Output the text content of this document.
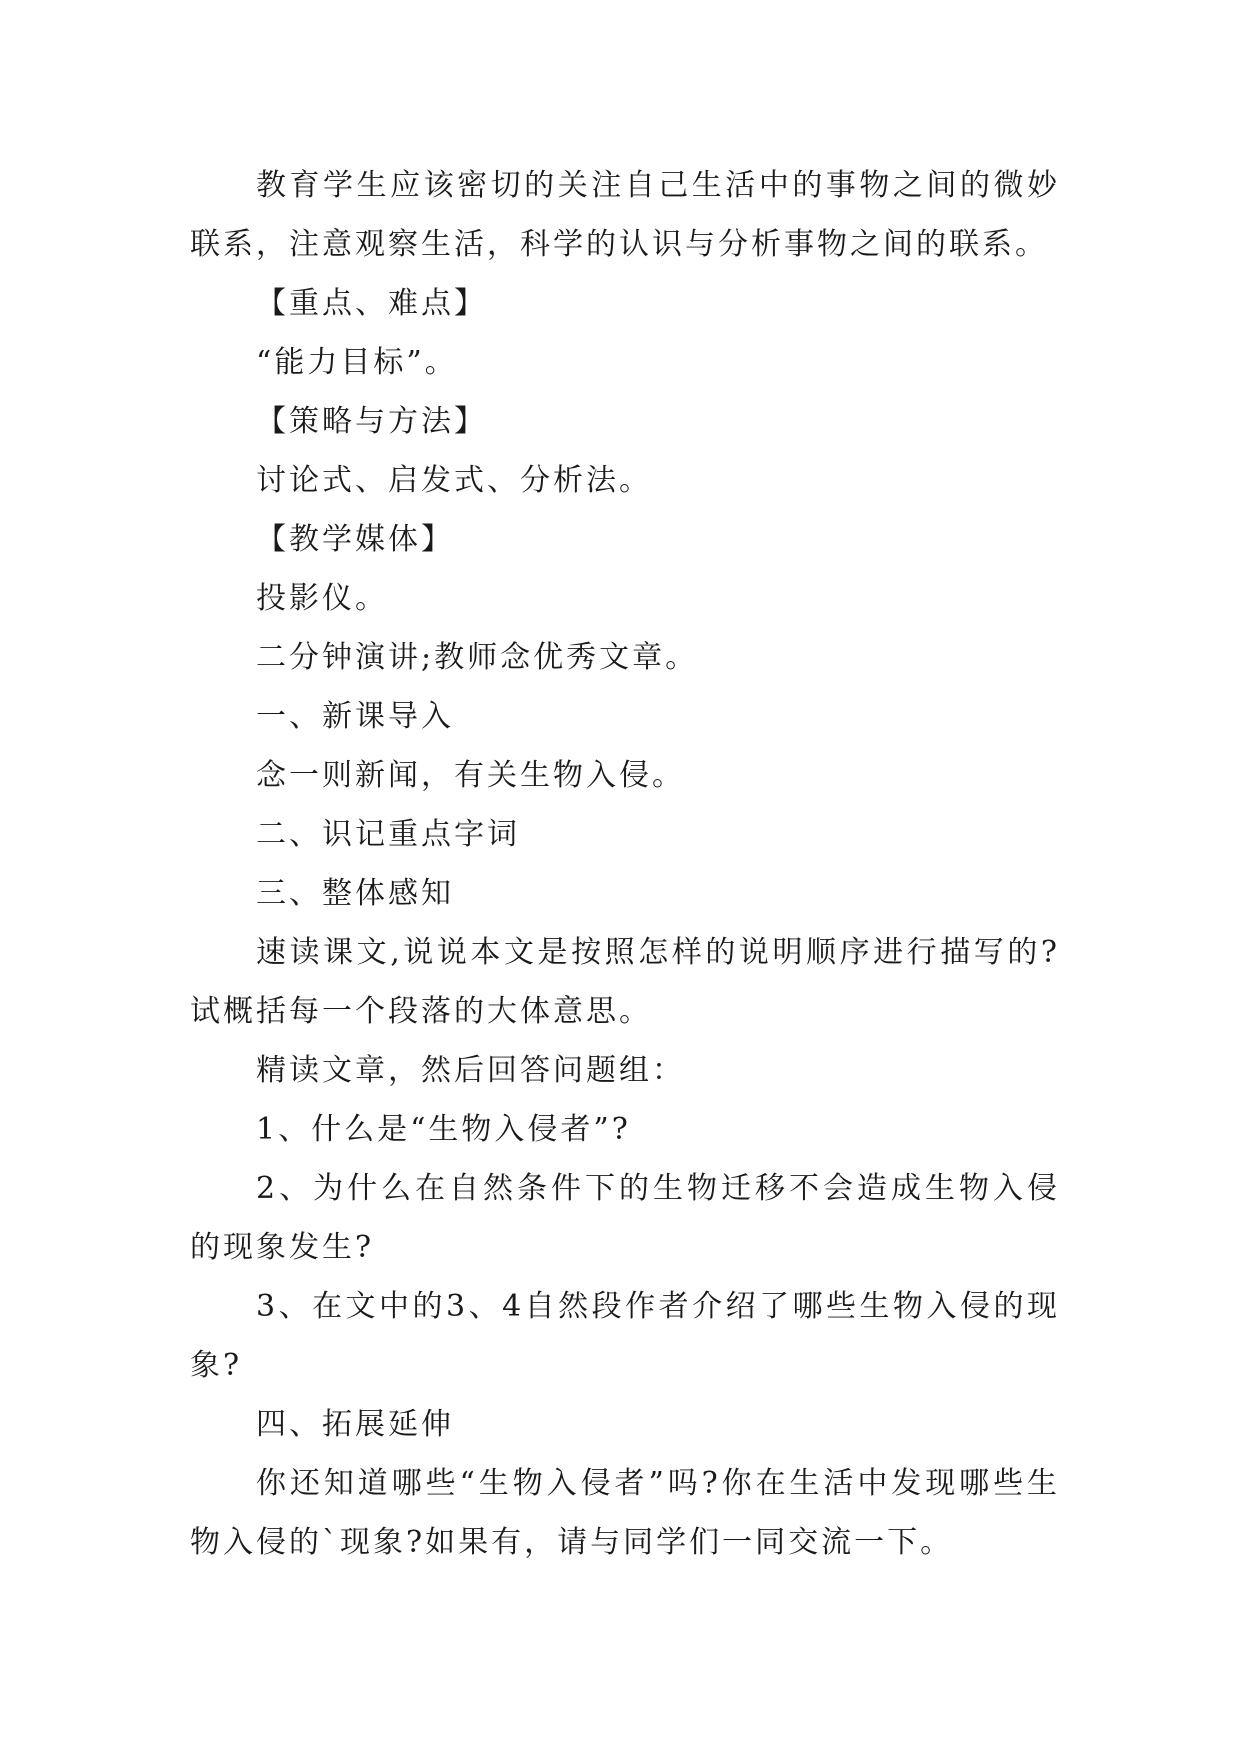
教育学生应该密切的关注自己生活中的事物之间的微妙联系，注意观察生活，科学的认识与分析事物之间的联系。

【重点、难点】

“能力目标”。

【策略与方法】

讨论式、启发式、分析法。

【教学媒体】

投影仪。

二分钟演讲;教师念优秀文章。

一、新课导入

念一则新闻，有关生物入侵。

二、识记重点字词

三、整体感知

速读课文,说说本文是按照怎样的说明顺序进行描写的?试概括每一个段落的大体意思。

精读文章，然后回答问题组：

1、什么是“生物入侵者”?

2、为什么在自然条件下的生物迁移不会造成生物入侵的现象发生?

3、在文中的3、4自然段作者介绍了哪些生物入侵的现象?

四、拓展延伸

你还知道哪些“生物入侵者”吗?你在生活中发现哪些生物入侵的`现象?如果有，请与同学们一同交流一下。
